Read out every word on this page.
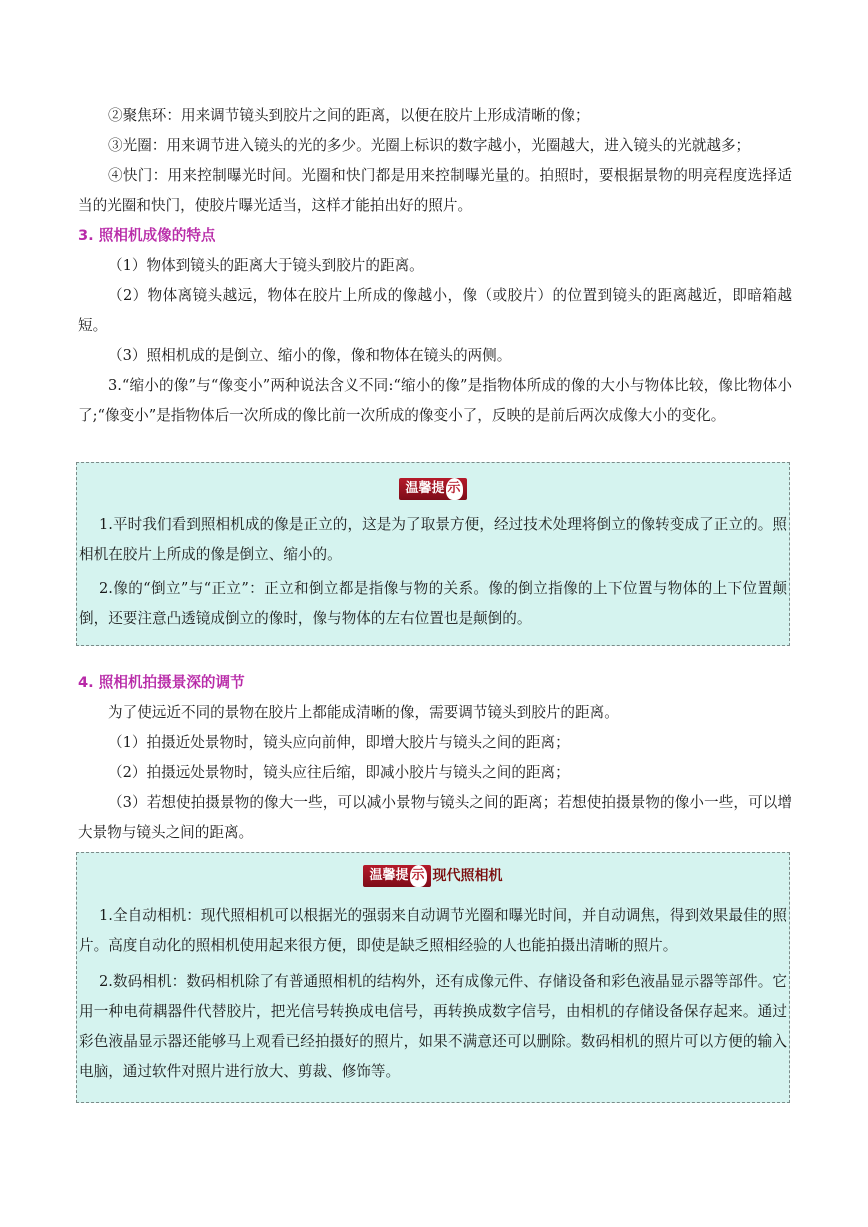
②聚焦环：用来调节镜头到胶片之间的距离，以便在胶片上形成清晰的像；

③光圈：用来调节进入镜头的光的多少。光圈上标识的数字越小，光圈越大，进入镜头的光就越多；

④快门：用来控制曝光时间。光圈和快门都是用来控制曝光量的。拍照时，要根据景物的明亮程度选择适当的光圈和快门，使胶片曝光适当，这样才能拍出好的照片。

3. 照相机成像的特点

（1）物体到镜头的距离大于镜头到胶片的距离。

（2）物体离镜头越远，物体在胶片上所成的像越小，像（或胶片）的位置到镜头的距离越近，即暗箱越短。

（3）照相机成的是倒立、缩小的像，像和物体在镜头的两侧。

3.“缩小的像”与“像变小”两种说法含义不同:“缩小的像”是指物体所成的像的大小与物体比较，像比物体小了;“像变小”是指物体后一次所成的像比前一次所成的像变小了，反映的是前后两次成像大小的变化。

温馨提 示

1.平时我们看到照相机成的像是正立的，这是为了取景方便，经过技术处理将倒立的像转变成了正立的。照相机在胶片上所成的像是倒立、缩小的。

2.像的“倒立”与“正立”：正立和倒立都是指像与物的关系。像的倒立指像的上下位置与物体的上下位置颠倒，还要注意凸透镜成倒立的像时，像与物体的左右位置也是颠倒的。

4. 照相机拍摄景深的调节

为了使远近不同的景物在胶片上都能成清晰的像，需要调节镜头到胶片的距离。

（1）拍摄近处景物时，镜头应向前伸，即增大胶片与镜头之间的距离；

（2）拍摄远处景物时，镜头应往后缩，即减小胶片与镜头之间的距离；

（3）若想使拍摄景物的像大一些，可以减小景物与镜头之间的距离；若想使拍摄景物的像小一些，可以增大景物与镜头之间的距离。

温馨提 示 现代照相机

1.全自动相机：现代照相机可以根据光的强弱来自动调节光圈和曝光时间，并自动调焦，得到效果最佳的照片。高度自动化的照相机使用起来很方便，即使是缺乏照相经验的人也能拍摄出清晰的照片。

2.数码相机：数码相机除了有普通照相机的结构外，还有成像元件、存储设备和彩色液晶显示器等部件。它用一种电荷耦器件代替胶片，把光信号转换成电信号，再转换成数字信号，由相机的存储设备保存起来。通过彩色液晶显示器还能够马上观看已经拍摄好的照片，如果不满意还可以删除。数码相机的照片可以方便的输入电脑，通过软件对照片进行放大、剪裁、修饰等。
